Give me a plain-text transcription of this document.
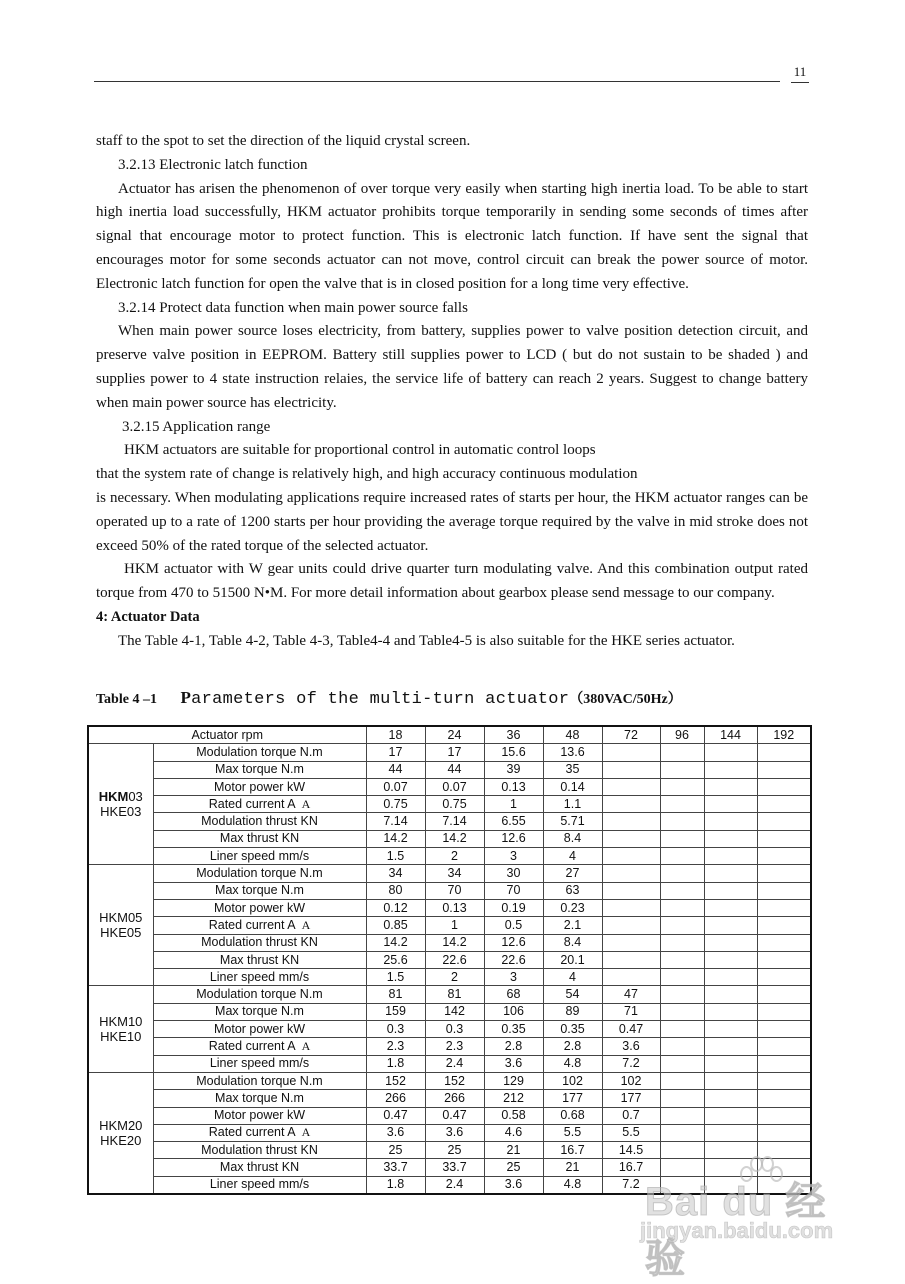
11

staff to the spot to set the direction of the liquid crystal screen.

3.2.13 Electronic latch function

Actuator has arisen the phenomenon of over torque very easily when starting high inertia load. To be able to start high inertia load successfully, HKM actuator prohibits torque temporarily in sending some seconds of times after signal that encourage motor to protect function. This is electronic latch function. If have sent the signal that encourages motor for some seconds actuator can not move, control circuit can break the power source of motor. Electronic latch function for open the valve that is in closed position for a long time very effective.

3.2.14 Protect data function when main power source falls

When main power source loses electricity, from battery, supplies power to valve position detection circuit, and preserve valve position in EEPROM. Battery still supplies power to LCD ( but do not sustain to be shaded ) and supplies power to 4 state instruction relaies, the service life of battery can reach 2 years. Suggest to change battery when main power source has electricity.

3.2.15 Application range

HKM actuators are suitable for proportional control in automatic control loops

that the system rate of change is relatively high, and high accuracy continuous modulation

is necessary. When modulating applications require increased rates of starts per hour, the HKM actuator ranges can be operated up to a rate of 1200 starts per hour providing the average torque required by the valve in mid stroke does not exceed 50% of the rated torque of the selected actuator.

HKM actuator with W gear units could drive quarter turn modulating valve. And this combination output rated torque from 470 to 51500 N•M. For more detail information about gearbox please send message to our company.

4: Actuator Data

The Table 4-1, Table 4-2, Table 4-3, Table4-4 and Table4-5 is also suitable for the HKE series actuator.

Table 4 –1 Parameters of the multi-turn actuator（380VAC/50Hz）
Actuator rpm		18	24	36	48	72	96	144	192

HKM03
HKE03	Modulation torque N.m	17	17	15.6	13.6				
	Max torque N.m	44	44	39	35				
	Motor power kW	0.07	0.07	0.13	0.14				
	Rated current A A	0.75	0.75	1	1.1				
	Modulation thrust KN	7.14	7.14	6.55	5.71				
	Max thrust KN	14.2	14.2	12.6	8.4				
	Liner speed mm/s	1.5	2	3	4				

HKM05
HKE05	Modulation torque N.m	34	34	30	27				
	Max torque N.m	80	70	70	63				
	Motor power kW	0.12	0.13	0.19	0.23				
	Rated current A A	0.85	1	0.5	2.1				
	Modulation thrust KN	14.2	14.2	12.6	8.4				
	Max thrust KN	25.6	22.6	22.6	20.1				
	Liner speed mm/s	1.5	2	3	4				

HKM10
HKE10	Modulation torque N.m	81	81	68	54	47			
	Max torque N.m	159	142	106	89	71			
	Motor power kW	0.3	0.3	0.35	0.35	0.47			
	Rated current A A	2.3	2.3	2.8	2.8	3.6			
	Liner speed mm/s	1.8	2.4	3.6	4.8	7.2			

HKM20
HKE20	Modulation torque N.m	152	152	129	102	102			
	Max torque N.m	266	266	212	177	177			
	Motor power kW	0.47	0.47	0.58	0.68	0.7			
	Rated current A A	3.6	3.6	4.6	5.5	5.5			
	Modulation thrust KN	25	25	21	16.7	14.5			
	Max thrust KN	33.7	33.7	25	21	16.7			
	Liner speed mm/s	1.8	2.4	3.6	4.8	7.2			Bai du 经验
jingyan.baidu.com
